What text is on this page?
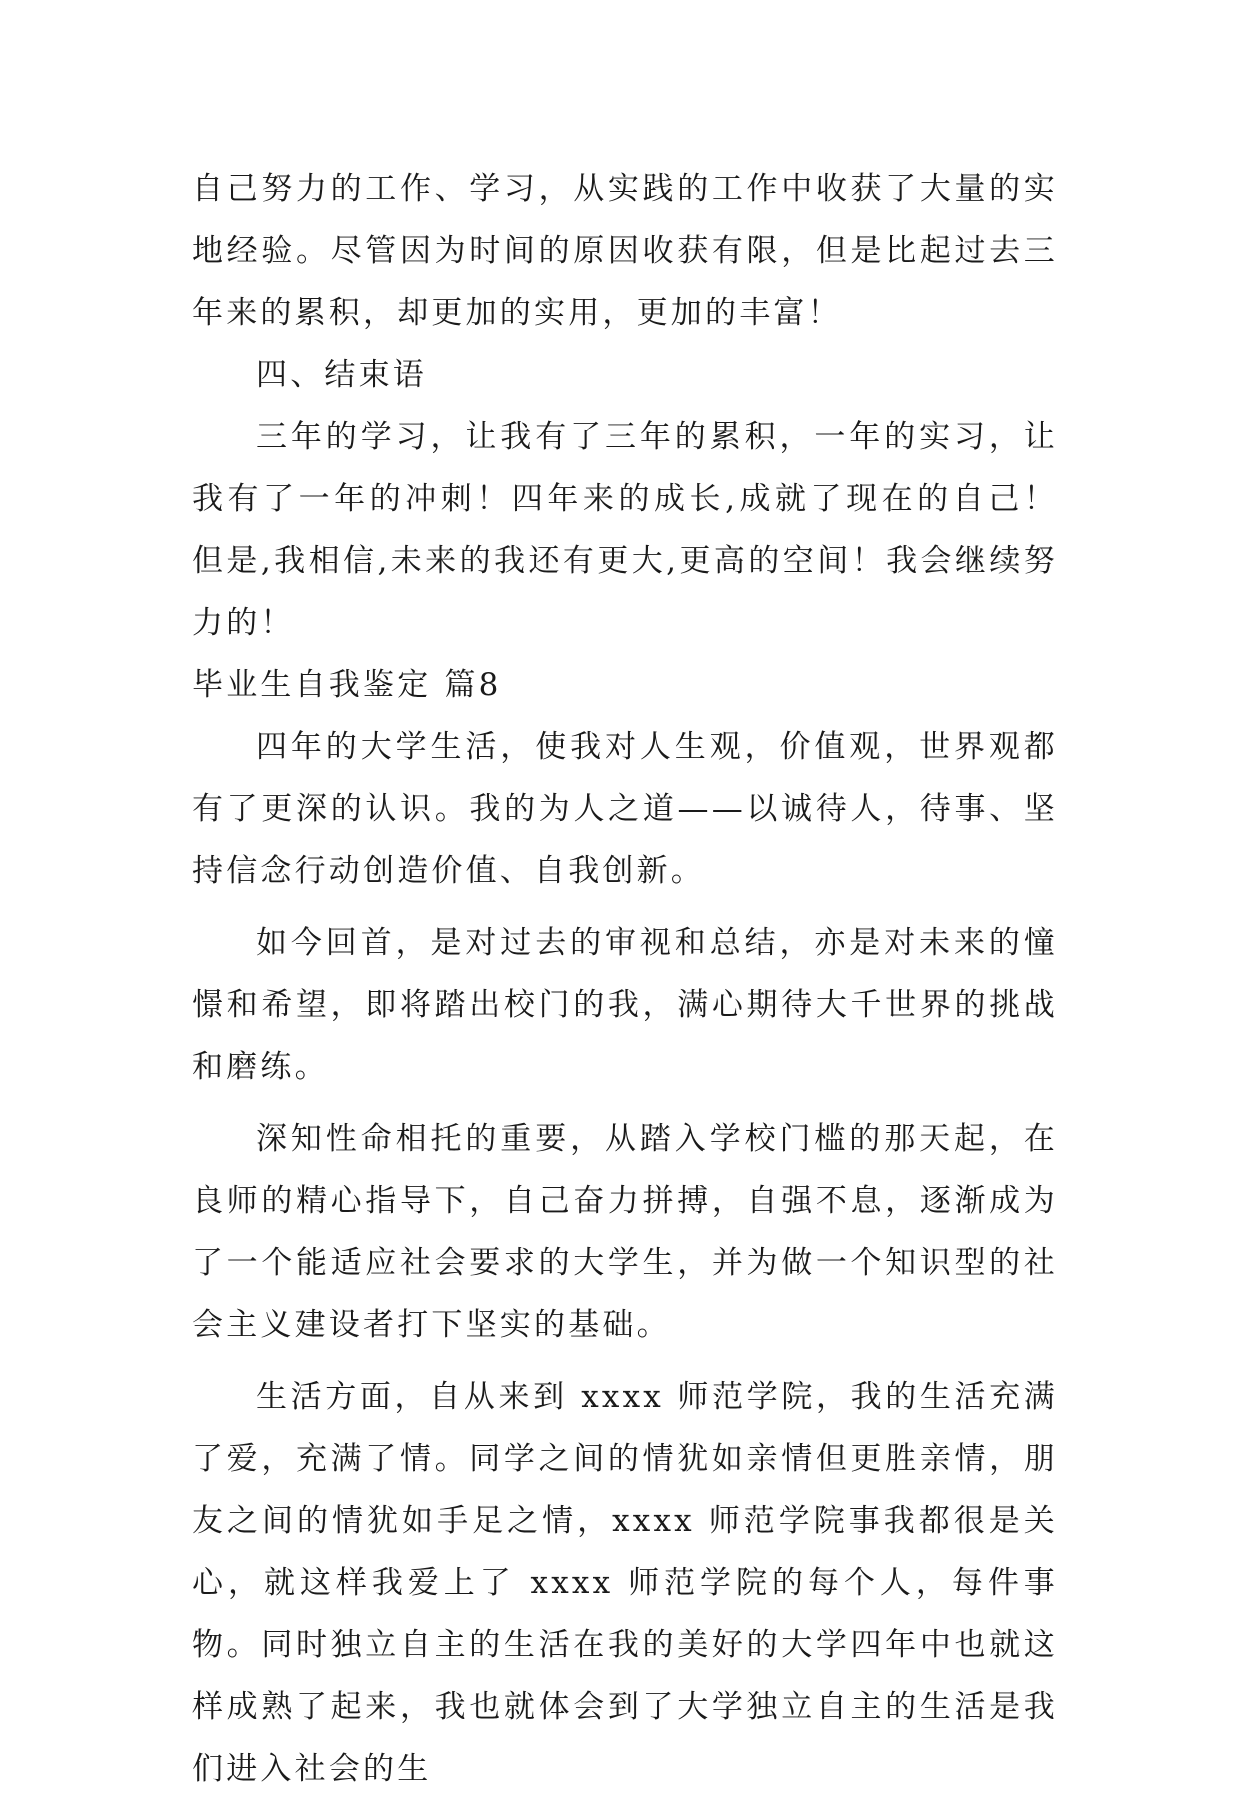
自己努力的工作、学习，从实践的工作中收获了大量的实地经验。尽管因为时间的原因收获有限，但是比起过去三年来的累积，却更加的实用，更加的丰富！

四、结束语

三年的学习，让我有了三年的累积，一年的实习，让我有了一年的冲刺！四年来的成长,成就了现在的自己！但是,我相信,未来的我还有更大,更高的空间！我会继续努力的！

毕业生自我鉴定 篇8

四年的大学生活，使我对人生观，价值观，世界观都有了更深的认识。我的为人之道——以诚待人，待事、坚持信念行动创造价值、自我创新。

如今回首，是对过去的审视和总结，亦是对未来的憧憬和希望，即将踏出校门的我，满心期待大千世界的挑战和磨练。

深知性命相托的重要，从踏入学校门槛的那天起，在良师的精心指导下，自己奋力拼搏，自强不息，逐渐成为了一个能适应社会要求的大学生，并为做一个知识型的社会主义建设者打下坚实的基础。

生活方面，自从来到 xxxx 师范学院，我的生活充满了爱，充满了情。同学之间的情犹如亲情但更胜亲情，朋友之间的情犹如手足之情，xxxx 师范学院事我都很是关心，就这样我爱上了 xxxx 师范学院的每个人，每件事物。同时独立自主的生活在我的美好的大学四年中也就这样成熟了起来，我也就体会到了大学独立自主的生活是我们进入社会的生
